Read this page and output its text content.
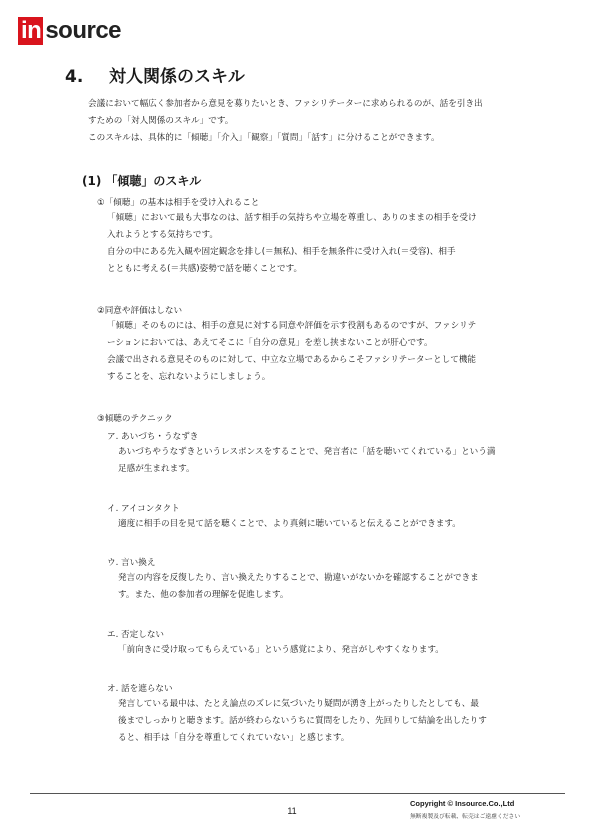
in source
4. 対人関係のスキル

会議において幅広く参加者から意見を募りたいとき、ファシリテーターに求められるのが、話を引き出

すための「対人関係のスキル」です。

このスキルは、具体的に「傾聴」「介入」「観察」「質問」「話す」に分けることができます。

(1) 「傾聴」のスキル
①「傾聴」の基本は相手を受け入れること

「傾聴」において最も大事なのは、話す相手の気持ちや立場を尊重し、ありのままの相手を受け

入れようとする気持ちです。

自分の中にある先入観や固定観念を排し(＝無私)、相手を無条件に受け入れ(＝受容)、相手

とともに考える(＝共感)姿勢で話を聴くことです。

②同意や評価はしない

「傾聴」そのものには、相手の意見に対する同意や評価を示す役割もあるのですが、ファシリテ

ーションにおいては、あえてそこに「自分の意見」を差し挟まないことが肝心です。

会議で出される意見そのものに対して、中立な立場であるからこそファシリテーターとして機能

することを、忘れないようにしましょう。

③傾聴のテクニック
ア. あいづち・うなずき

あいづちやうなずきというレスポンスをすることで、発言者に「話を聴いてくれている」という満

足感が生まれます。

イ. アイコンタクト

適度に相手の目を見て話を聴くことで、より真剣に聴いていると伝えることができます。

ウ. 言い換え

発言の内容を反復したり、言い換えたりすることで、勘違いがないかを確認することができま

す。また、他の参加者の理解を促進します。

エ. 否定しない

「前向きに受け取ってもらえている」という感覚により、発言がしやすくなります。

オ. 話を遮らない

発言している最中は、たとえ論点のズレに気づいたり疑問が湧き上がったりしたとしても、最

後までしっかりと聴きます。話が終わらないうちに質問をしたり、先回りして結論を出したりす

ると、相手は「自分を尊重してくれていない」と感じます。

11
Copyright © Insource.Co.,Ltd
無断複製及び転載、転売はご遠慮ください
